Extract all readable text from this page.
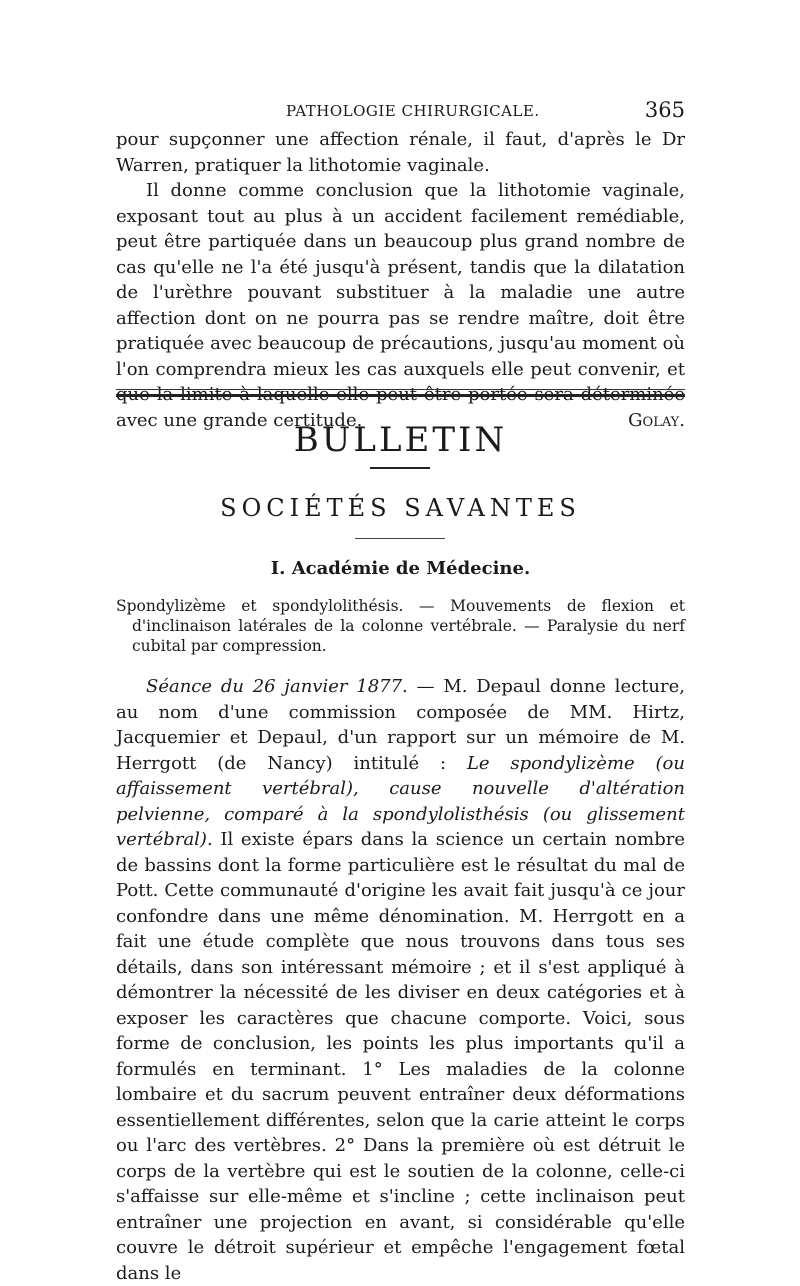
PATHOLOGIE CHIRURGICALE.	365

pour supçonner une affection rénale, il faut, d'après le Dr Warren, pratiquer la lithotomie vaginale.

Il donne comme conclusion que la lithotomie vaginale, exposant tout au plus à un accident facilement remédiable, peut être partiquée dans un beaucoup plus grand nombre de cas qu'elle ne l'a été jusqu'à présent, tandis que la dilatation de l'urèthre pouvant substituer à la maladie une autre affection dont on ne pourra pas se rendre maître, doit être pratiquée avec beaucoup de précautions, jusqu'au moment où l'on comprendra mieux les cas auxquels elle peut convenir, et que la limite à laquelle elle peut être portée sera déterminée avec une grande certitude.	Golay.

BULLETIN
SOCIÉTÉS SAVANTES
I. Académie de Médecine.

Spondylizème et spondylolithésis. — Mouvements de flexion et d'inclinaison latérales de la colonne vertébrale. — Paralysie du nerf cubital par compression.

Séance du 26 janvier 1877. — M. Depaul donne lecture, au nom d'une commission composée de MM. Hirtz, Jacquemier et Depaul, d'un rapport sur un mémoire de M. Herrgott (de Nancy) intitulé : Le spondylizème (ou affaissement vertébral), cause nouvelle d'altération pelvienne, comparé à la spondylolisthésis (ou glissement vertébral). Il existe épars dans la science un certain nombre de bassins dont la forme particulière est le résultat du mal de Pott. Cette communauté d'origine les avait fait jusqu'à ce jour confondre dans une même dénomination. M. Herrgott en a fait une étude complète que nous trouvons dans tous ses détails, dans son intéressant mémoire ; et il s'est appliqué à démontrer la nécessité de les diviser en deux catégories et à exposer les caractères que chacune comporte. Voici, sous forme de conclusion, les points les plus importants qu'il a formulés en terminant. 1° Les maladies de la colonne lombaire et du sacrum peuvent entraîner deux déformations essentiellement différentes, selon que la carie atteint le corps ou l'arc des vertèbres. 2° Dans la première où est détruit le corps de la vertèbre qui est le soutien de la colonne, celle-ci s'affaisse sur elle-même et s'incline ; cette inclinaison peut entraîner une projection en avant, si considérable qu'elle couvre le détroit supérieur et empêche l'engagement fœtal dans le
